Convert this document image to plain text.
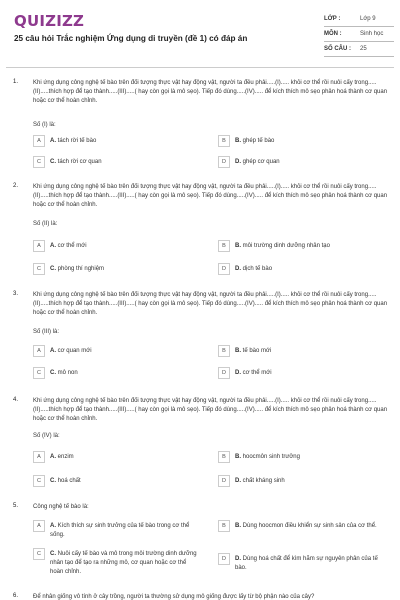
QUIZIZZ
25 câu hỏi Trắc nghiệm Ứng dụng di truyền (đề 1) có đáp án
LỚP :	Lớp 9
MÔN :	Sinh học
SỐ CÂU : 25
1. Khi ứng dụng công nghệ tế bào trên đối tượng thực vật hay động vật, người ta đều phải.....(I)..... khỏi cơ thể rồi nuôi cấy trong.....(II).....thích hợp để tạo thành.....(III).....( hay còn gọi là mô sẹo). Tiếp đó dùng.....(IV)..... để kích thích mô sẹo phân hoá thành cơ quan hoặc cơ thể hoàn chỉnh.
Số (I) là:
A	A. tách rời tế bào	B	B. ghép tế bào
C	C. tách rời cơ quan	D	D. ghép cơ quan
2. Khi ứng dụng công nghệ tế bào trên đối tượng thực vật hay động vật, người ta đều phải.....(I)..... khỏi cơ thể rồi nuôi cấy trong.....(II).....thích hợp để tạo thành.....(III).....( hay còn gọi là mô sẹo). Tiếp đó dùng.....(IV)..... để kích thích mô sẹo phân hoá thành cơ quan hoặc cơ thể hoàn chỉnh.
Số (II) là:
A	A. cơ thể mới	B	B. môi trường dinh dưỡng nhân tạo
C	C. phòng thí nghiệm	D	D. dịch tế bào
3. Khi ứng dụng công nghệ tế bào trên đối tượng thực vật hay động vật, người ta đều phải.....(I)..... khỏi cơ thể rồi nuôi cấy trong.....(II).....thích hợp để tạo thành.....(III).....( hay còn gọi là mô sẹo). Tiếp đó dùng.....(IV)..... để kích thích mô sẹo phân hoá thành cơ quan hoặc cơ thể hoàn chỉnh.
Số (III) là:
A	A. cơ quan mới	B	B. tế bào mới
C	C. mô non	D	D. cơ thể mới
4. Khi ứng dụng công nghệ tế bào trên đối tượng thực vật hay động vật, người ta đều phải.....(I)..... khỏi cơ thể rồi nuôi cấy trong.....(II).....thích hợp để tạo thành.....(III).....( hay còn gọi là mô sẹo). Tiếp đó dùng.....(IV)..... để kích thích mô sẹo phân hoá thành cơ quan hoặc cơ thể hoàn chỉnh.
Số (IV) là:
A	A. enzim	B	B. hoocmôn sinh trưởng
C	C. hoá chất	D	D. chất kháng sinh
5. Công nghệ tế bào là:
A	A. Kích thích sự sinh trưởng của tế bào trong cơ thể sống.
B	B. Dùng hoocmon điều khiển sự sinh sản của cơ thể.
C	C. Nuôi cấy tế bào và mô trong môi trường dinh dưỡng nhân tạo để tạo ra những mô, cơ quan hoặc cơ thể hoàn chỉnh.
D	D. Dùng hoá chất để kìm hãm sự nguyên phân của tế bào.
6. Để nhân giống vô tính ở cây trồng, người ta thường sử dụng mô giống được lấy từ bộ phận nào của cây?
